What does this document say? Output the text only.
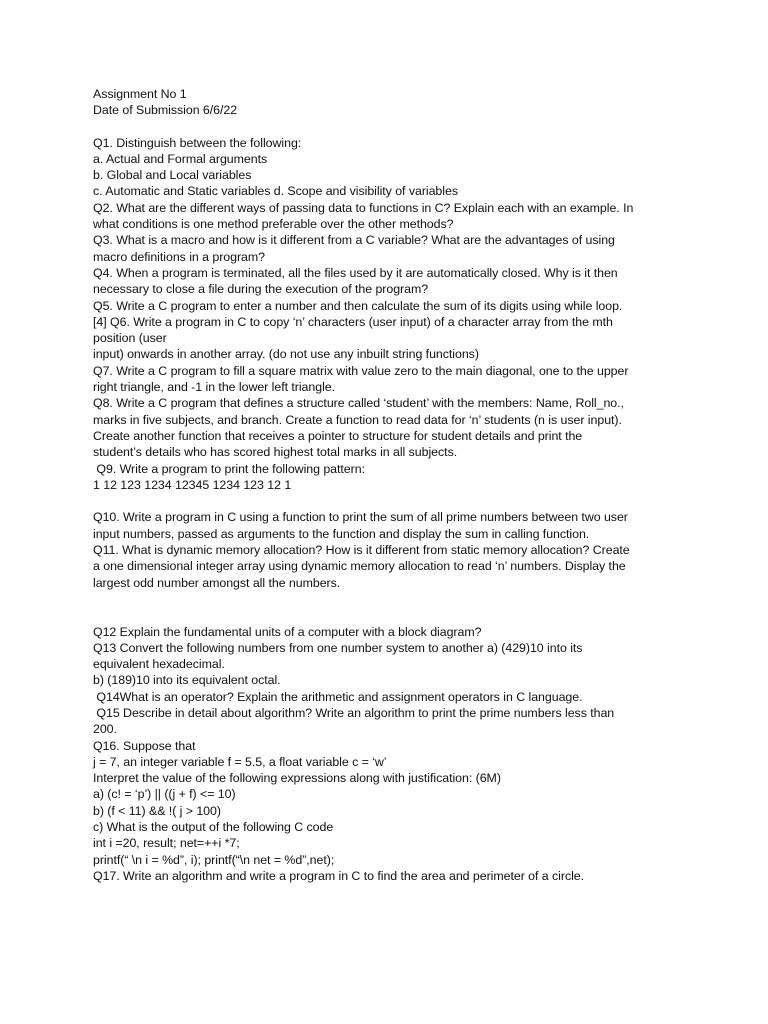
Assignment No 1
Date of Submission 6/6/22
Q1. Distinguish between the following:
a. Actual and Formal arguments
b. Global and Local variables
c. Automatic and Static variables d. Scope and visibility of variables
Q2. What are the different ways of passing data to functions in C? Explain each with an example. In
what conditions is one method preferable over the other methods?
Q3. What is a macro and how is it different from a C variable? What are the advantages of using
macro definitions in a program?
Q4. When a program is terminated, all the files used by it are automatically closed. Why is it then
necessary to close a file during the execution of the program?
Q5. Write a C program to enter a number and then calculate the sum of its digits using while loop.
[4] Q6. Write a program in C to copy ‘n’ characters (user input) of a character array from the mth
position (user
input) onwards in another array. (do not use any inbuilt string functions)
Q7. Write a C program to fill a square matrix with value zero to the main diagonal, one to the upper
right triangle, and -1 in the lower left triangle.
Q8. Write a C program that defines a structure called ‘student’ with the members: Name, Roll_no.,
marks in five subjects, and branch. Create a function to read data for ‘n’ students (n is user input).
Create another function that receives a pointer to structure for student details and print the
student’s details who has scored highest total marks in all subjects.
Q9. Write a program to print the following pattern:
1 12 123 1234 12345 1234 123 12 1
Q10. Write a program in C using a function to print the sum of all prime numbers between two user
input numbers, passed as arguments to the function and display the sum in calling function.
Q11. What is dynamic memory allocation? How is it different from static memory allocation? Create
a one dimensional integer array using dynamic memory allocation to read ‘n’ numbers. Display the
largest odd number amongst all the numbers.
Q12 Explain the fundamental units of a computer with a block diagram?
Q13 Convert the following numbers from one number system to another a) (429)10 into its
equivalent hexadecimal.
b) (189)10 into its equivalent octal.
Q14What is an operator? Explain the arithmetic and assignment operators in C language.
Q15 Describe in detail about algorithm? Write an algorithm to print the prime numbers less than
200.
Q16. Suppose that
j = 7, an integer variable f = 5.5, a float variable c = ‘w’
Interpret the value of the following expressions along with justification: (6M)
a) (c! = ‘p’) || ((j + f) <= 10)
b) (f < 11) && !( j > 100)
c) What is the output of the following C code
int i =20, result; net=++i *7;
printf(“ \n i = %d”, i); printf(“\n net = %d”,net);
Q17. Write an algorithm and write a program in C to find the area and perimeter of a circle.
